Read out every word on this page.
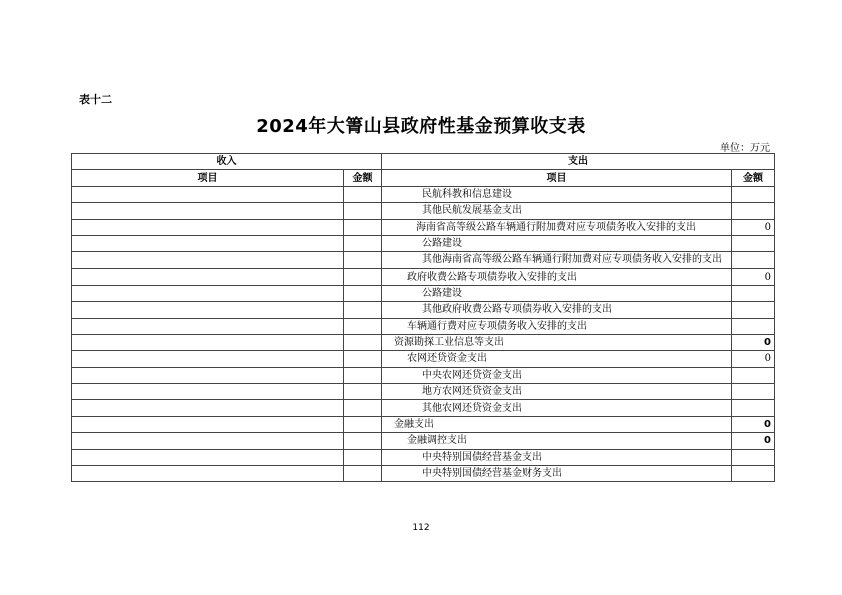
表十二
2024年大箐山县政府性基金预算收支表
单位：万元
收入		支出	
项目	金额	项目	金额
		民航科教和信息建设	
		其他民航发展基金支出	
		海南省高等级公路车辆通行附加费对应专项债务收入安排的支出	0
		公路建设	
		其他海南省高等级公路车辆通行附加费对应专项债务收入安排的支出	
		政府收费公路专项债券收入安排的支出	0
		公路建设	
		其他政府收费公路专项债券收入安排的支出	
		车辆通行费对应专项债务收入安排的支出	
		资源勘探工业信息等支出	0
		农网还贷资金支出	0
		中央农网还贷资金支出	
		地方农网还贷资金支出	
		其他农网还贷资金支出	
		金融支出	0
		金融调控支出	0
		中央特别国债经营基金支出	
		中央特别国债经营基金财务支出	
112
